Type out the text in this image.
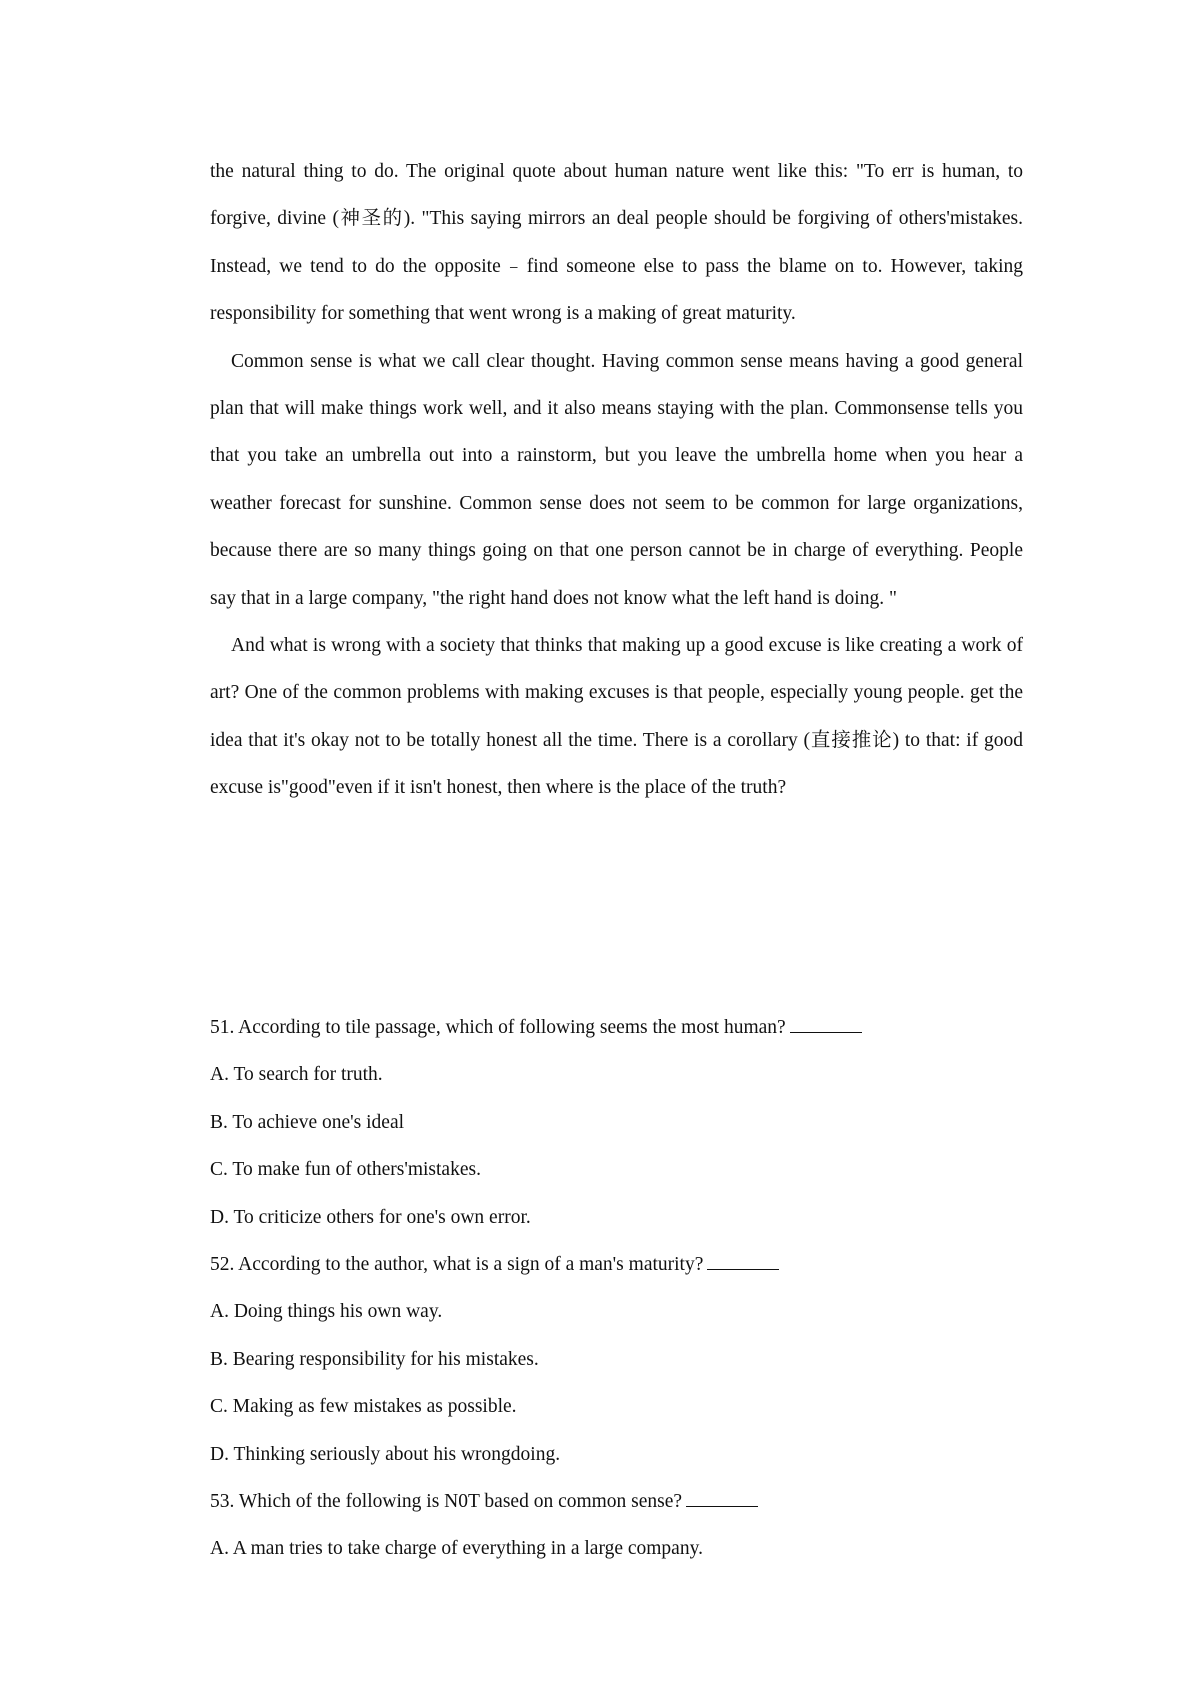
the natural thing to do. The original quote about human nature went like this: "To err is human, to forgive, divine (神圣的). "This saying mirrors an deal people should be forgiving of others'mistakes. Instead, we tend to do the opposite﹣find someone else to pass the blame on to. However, taking responsibility for something that went wrong is a making of great maturity.

Common sense is what we call clear thought. Having common sense means having a good general plan that will make things work well, and it also means staying with the plan. Commonsense tells you that you take an umbrella out into a rainstorm, but you leave the umbrella home when you hear a weather forecast for sunshine. Common sense does not seem to be common for large organizations, because there are so many things going on that one person cannot be in charge of everything. People say that in a large company, "the right hand does not know what the left hand is doing. "

And what is wrong with a society that thinks that making up a good excuse is like creating a work of art? One of the common problems with making excuses is that people, especially young people. get the idea that it's okay not to be totally honest all the time. There is a corollary (直接推论) to that: if good excuse is"good"even if it isn't honest, then where is the place of the truth?

51. According to tile passage, which of following seems the most human?
A. To search for truth.
B. To achieve one's ideal
C. To make fun of others'mistakes.
D. To criticize others for one's own error.
52. According to the author, what is a sign of a man's maturity?
A. Doing things his own way.
B. Bearing responsibility for his mistakes.
C. Making as few mistakes as possible.
D. Thinking seriously about his wrongdoing.
53. Which of the following is N0T based on common sense?
A. A man tries to take charge of everything in a large company.
